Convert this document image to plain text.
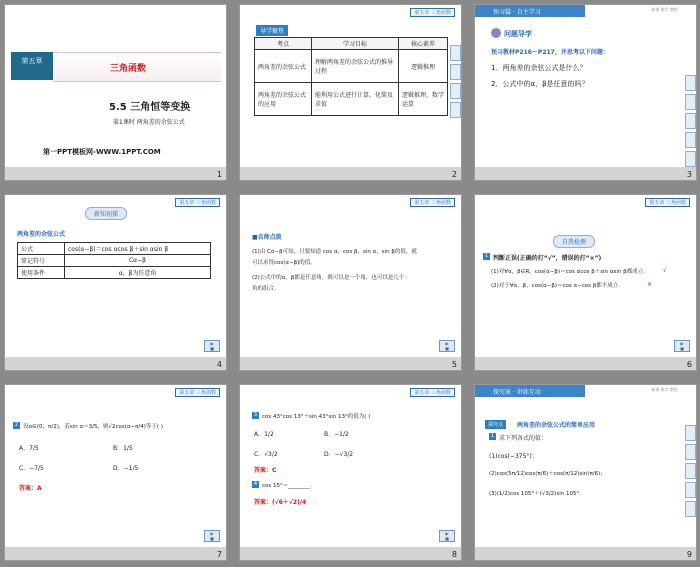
第五章
三角函数
5.5 三角恒等变换
第1课时 两角差的余弦公式
第一PPT模板网-WWW.1PPT.COM
1
第五章 三角函数
导学聚焦
考点	学习目标	核心素养
两角差的余弦公式	理解两角差的余弦公式的推导过程	逻辑推理
两角差的余弦公式的应用	能利用公式进行计算、化简及求值	逻辑推理、数学运算
2
预习篇 · 自主学习	新课 教学 教程
问题导学
预习教材P216～P217，并思考以下问题：
1．两角差的余弦公式是什么？
2．公式中的α，β是任意的吗？
3
第五章 三角函数
新知初探
两角差的余弦公式
公式	cos(α−β)＝cos αcos β＋sin αsin β
简记符号	Cα−β
使用条件	α，β为任意角
▶
■
4
第五章 三角函数
■名师点拨
(1)由 Cα−β可知，只要知道 cos α、cos β、sin α、sin β的值，就
可以求得cos(α−β)的值。
(2)公式中的α，β都是任意角，既可以是一个角，也可以是几个
角的组合。
▶
■
5
第五章 三角函数
自我检测
1 判断正误(正确的打“√”，错误的打“×”)
(1)对∀α，β∈R，cos(α−β)＝cos αcos β＋sin αsin β都成立.	√
(2)对于∀α，β，cos(α−β)＝cos α−cos β都不成立.	×
▶
■
6
第五章 三角函数
2 设α∈(0，π/2)，若sin α＝3/5，则√2cos(α−π/4)等于( )
A．7/5	B．1/5
C．−7/5	D．−1/5
答案：A
▶
■
7
第五章 三角函数
3 cos 43°cos 13°＋sin 43°sin 13°的值为( )
A．1/2	B．−1/2
C．√3/2	D．−√3/2
答案：C
4 cos 15°＝________.
答案：(√6＋√2)/4
▶
■
8
探究案 · 讲练互动	新课 教学 教程
探究点	两角差的余弦公式的简单应用
1 求下列各式的值：
(1)cos(−375°)；
(2)cos(5π/12)cos(π/6)＋cos(π/12)sin(π/6)；
(3)(1/2)cos 105°＋(√3/2)sin 105°.
9
